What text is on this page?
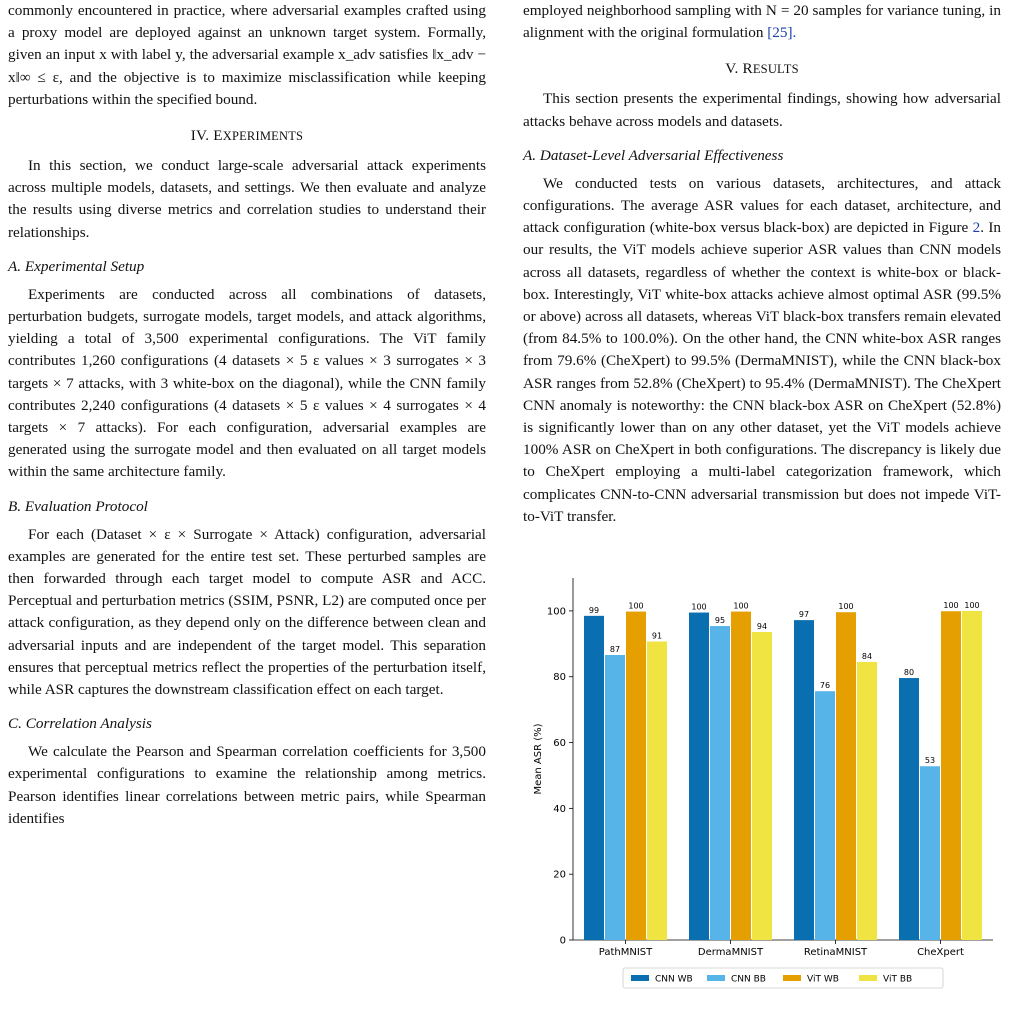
commonly encountered in practice, where adversarial examples crafted using a proxy model are deployed against an unknown target system. Formally, given an input x with label y, the adversarial example x_adv satisfies ‖x_adv − x‖∞ ≤ ε, and the objective is to maximize misclassification while keeping perturbations within the specified bound.

IV. EXPERIMENTS

In this section, we conduct large-scale adversarial attack experiments across multiple models, datasets, and settings. We then evaluate and analyze the results using diverse metrics and correlation studies to understand their relationships.

A. Experimental Setup

Experiments are conducted across all combinations of datasets, perturbation budgets, surrogate models, target models, and attack algorithms, yielding a total of 3,500 experimental configurations. The ViT family contributes 1,260 configurations (4 datasets × 5 ε values × 3 surrogates × 3 targets × 7 attacks, with 3 white-box on the diagonal), while the CNN family contributes 2,240 configurations (4 datasets × 5 ε values × 4 surrogates × 4 targets × 7 attacks). For each configuration, adversarial examples are generated using the surrogate model and then evaluated on all target models within the same architecture family.

B. Evaluation Protocol

For each (Dataset × ε × Surrogate × Attack) configuration, adversarial examples are generated for the entire test set. These perturbed samples are then forwarded through each target model to compute ASR and ACC. Perceptual and perturbation metrics (SSIM, PSNR, L2) are computed once per attack configuration, as they depend only on the difference between clean and adversarial inputs and are independent of the target model. This separation ensures that perceptual metrics reflect the properties of the perturbation itself, while ASR captures the downstream classification effect on each target.

C. Correlation Analysis

We calculate the Pearson and Spearman correlation coefficients for 3,500 experimental configurations to examine the relationship among metrics. Pearson identifies linear correlations between metric pairs, while Spearman identifies

employed neighborhood sampling with N = 20 samples for variance tuning, in alignment with the original formulation [25].

V. RESULTS

This section presents the experimental findings, showing how adversarial attacks behave across models and datasets.

A. Dataset-Level Adversarial Effectiveness

We conducted tests on various datasets, architectures, and attack configurations. The average ASR values for each dataset, architecture, and attack configuration (white-box versus black-box) are depicted in Figure 2. In our results, the ViT models achieve superior ASR values than CNN models across all datasets, regardless of whether the context is white-box or black-box. Interestingly, ViT white-box attacks achieve almost optimal ASR (99.5% or above) across all datasets, whereas ViT black-box transfers remain elevated (from 84.5% to 100.0%). On the other hand, the CNN white-box ASR ranges from 79.6% (CheXpert) to 99.5% (DermaMNIST), while the CNN black-box ASR ranges from 52.8% (CheXpert) to 95.4% (DermaMNIST). The CheXpert CNN anomaly is noteworthy: the CNN black-box ASR on CheXpert (52.8%) is significantly lower than on any other dataset, yet the ViT models achieve 100% ASR on CheXpert in both configurations. The discrepancy is likely due to CheXpert employing a multi-label categorization framework, which complicates CNN-to-CNN adversarial transmission but does not impede ViT-to-ViT transfer.

0
20
40
60
80
100
Mean ASR (%)
99
87
100
91
PathMNIST
100
95
100
94
DermaMNIST
97
76
100
84
RetinaMNIST
80
53
100 100
CheXpert
CNN WB	CNN BB	ViT WB	ViT BB
